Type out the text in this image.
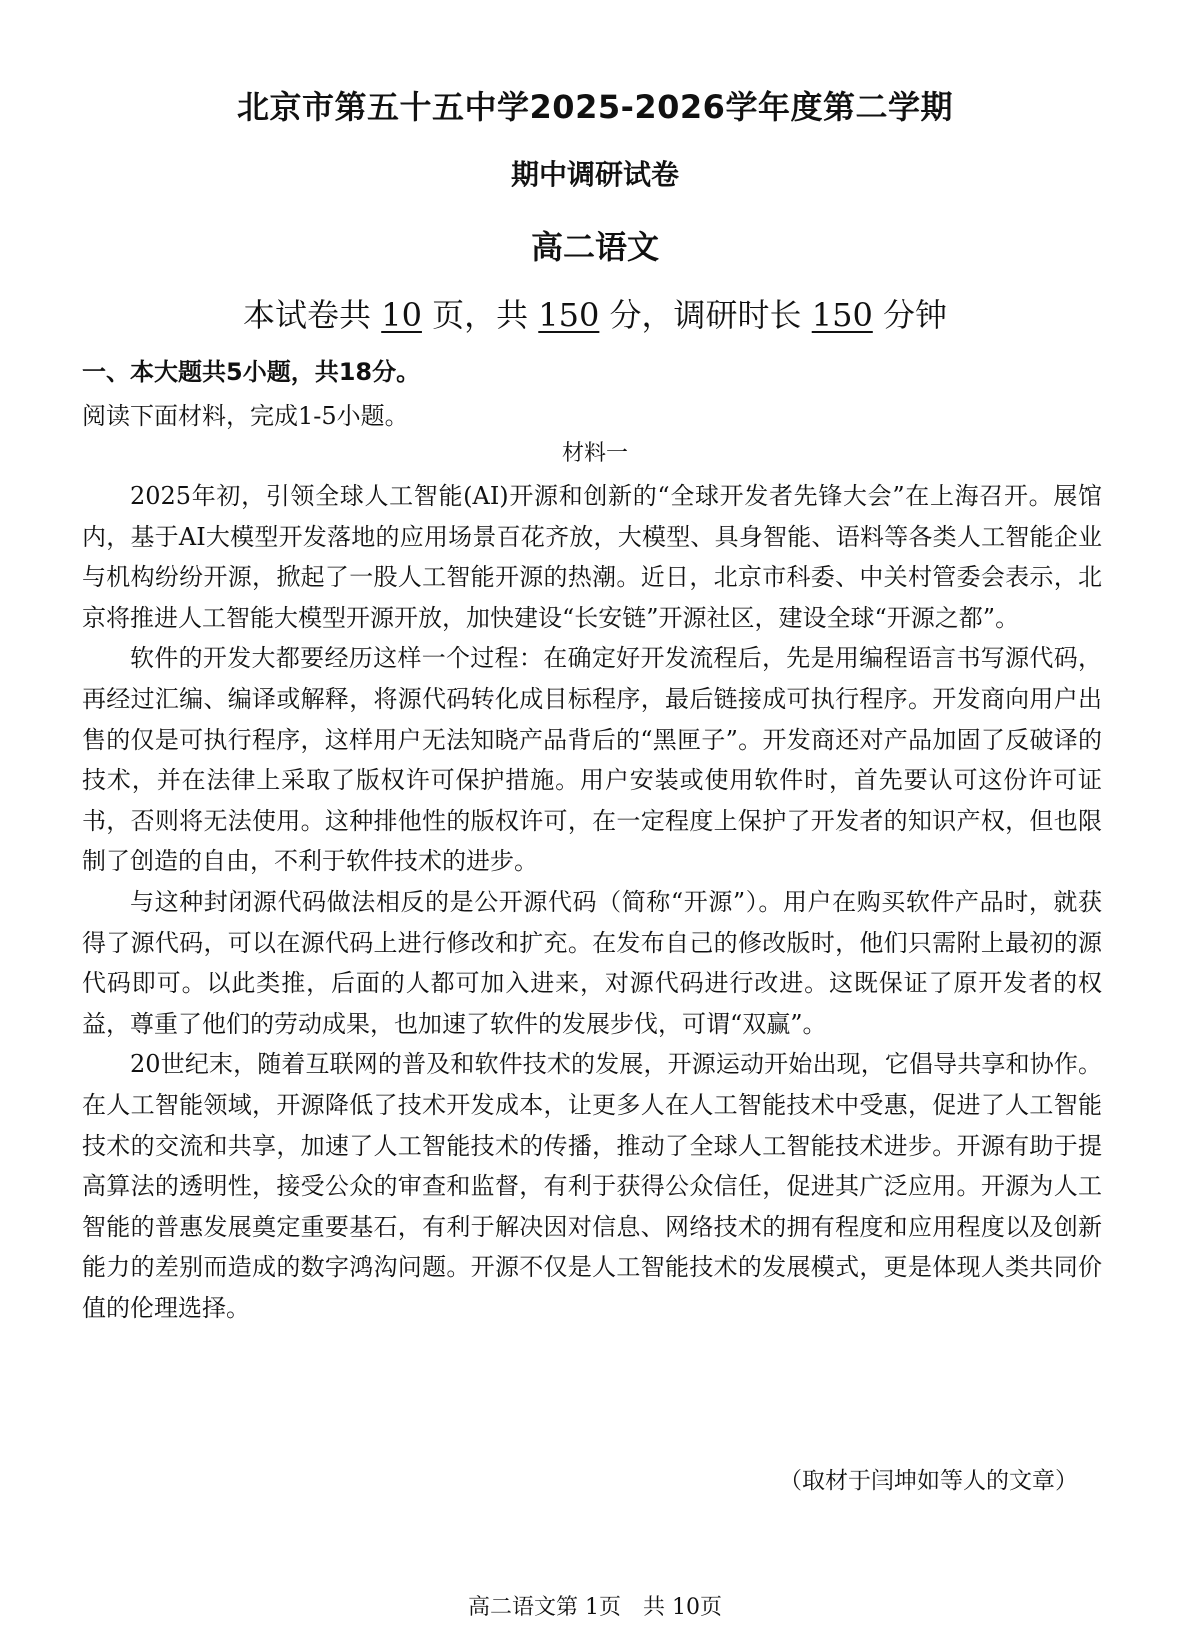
北京市第五十五中学2025-2026学年度第二学期
期中调研试卷
高二语文
本试卷共 10 页，共 150 分，调研时长 150 分钟
一、本大题共5小题，共18分。
阅读下面材料，完成1-5小题。
材料一

2025年初，引领全球人工智能(AI)开源和创新的“全球开发者先锋大会”在上海召开。展馆内，基于AI大模型开发落地的应用场景百花齐放，大模型、具身智能、语料等各类人工智能企业与机构纷纷开源，掀起了一股人工智能开源的热潮。近日，北京市科委、中关村管委会表示，北京将推进人工智能大模型开源开放，加快建设“长安链”开源社区，建设全球“开源之都”。

软件的开发大都要经历这样一个过程：在确定好开发流程后，先是用编程语言书写源代码，再经过汇编、编译或解释，将源代码转化成目标程序，最后链接成可执行程序。开发商向用户出售的仅是可执行程序，这样用户无法知晓产品背后的“黑匣子”。开发商还对产品加固了反破译的技术，并在法律上采取了版权许可保护措施。用户安装或使用软件时，首先要认可这份许可证书，否则将无法使用。这种排他性的版权许可，在一定程度上保护了开发者的知识产权，但也限制了创造的自由，不利于软件技术的进步。

与这种封闭源代码做法相反的是公开源代码（简称“开源”）。用户在购买软件产品时，就获得了源代码，可以在源代码上进行修改和扩充。在发布自己的修改版时，他们只需附上最初的源代码即可。以此类推，后面的人都可加入进来，对源代码进行改进。这既保证了原开发者的权益，尊重了他们的劳动成果，也加速了软件的发展步伐，可谓“双赢”。

20世纪末，随着互联网的普及和软件技术的发展，开源运动开始出现，它倡导共享和协作。在人工智能领域，开源降低了技术开发成本，让更多人在人工智能技术中受惠，促进了人工智能技术的交流和共享，加速了人工智能技术的传播，推动了全球人工智能技术进步。开源有助于提高算法的透明性，接受公众的审查和监督，有利于获得公众信任，促进其广泛应用。开源为人工智能的普惠发展奠定重要基石，有利于解决因对信息、网络技术的拥有程度和应用程度以及创新能力的差别而造成的数字鸿沟问题。开源不仅是人工智能技术的发展模式，更是体现人类共同价值的伦理选择。

（取材于闫坤如等人的文章）
高二语文第 1页　共 10页
